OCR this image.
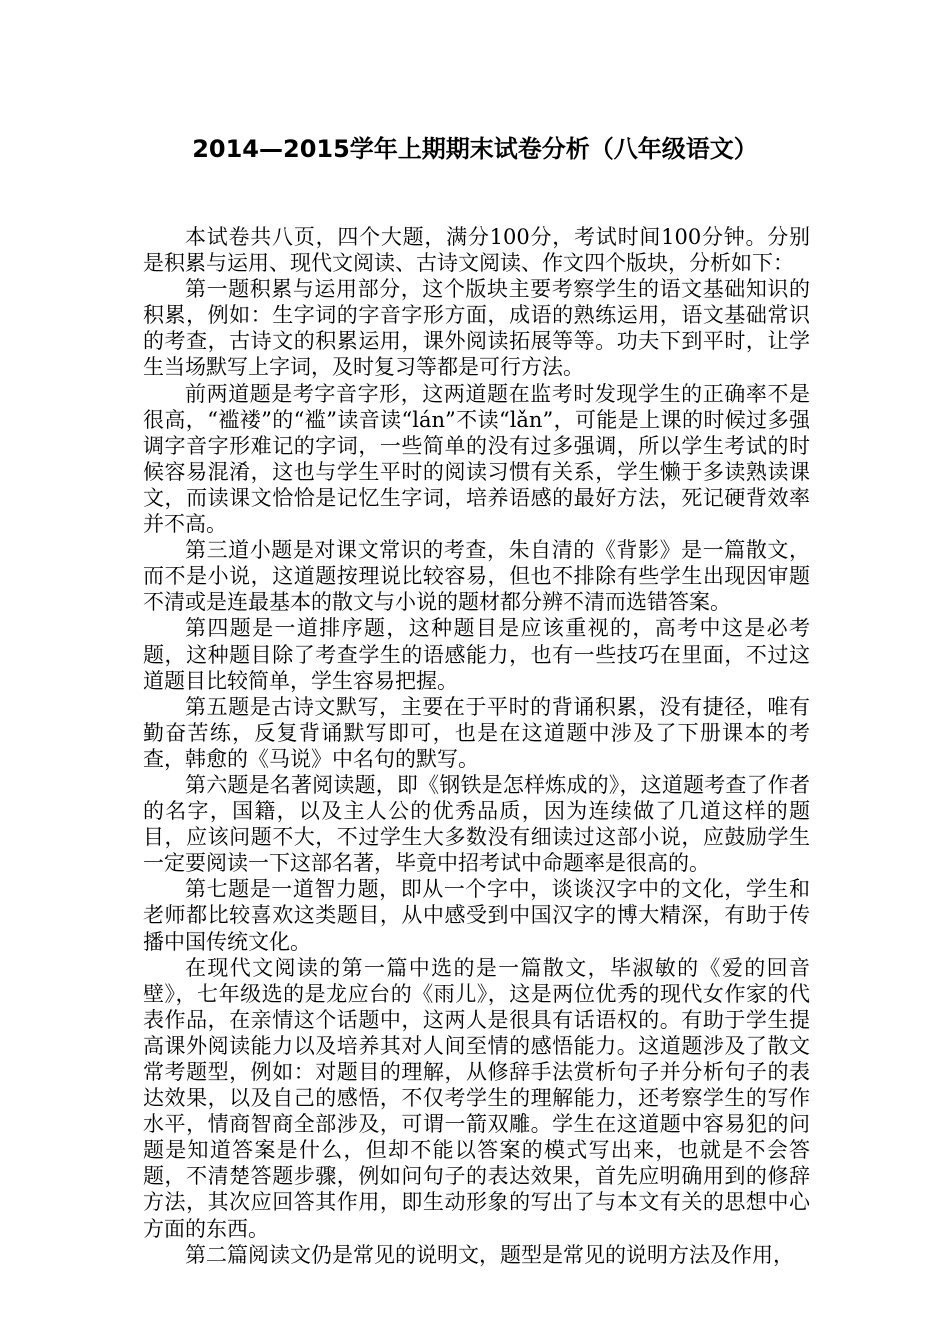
2014—2015学年上期期末试卷分析（八年级语文）

本试卷共八页，四个大题，满分100分，考试时间100分钟。分别是积累与运用、现代文阅读、古诗文阅读、作文四个版块，分析如下：

第一题积累与运用部分，这个版块主要考察学生的语文基础知识的积累，例如：生字词的字音字形方面，成语的熟练运用，语文基础常识的考查，古诗文的积累运用，课外阅读拓展等等。功夫下到平时，让学生当场默写上字词，及时复习等都是可行方法。

前两道题是考字音字形，这两道题在监考时发现学生的正确率不是很高，“褴褛”的“褴”读音读“lán”不读“lǎn”，可能是上课的时候过多强调字音字形难记的字词，一些简单的没有过多强调，所以学生考试的时候容易混淆，这也与学生平时的阅读习惯有关系，学生懒于多读熟读课文，而读课文恰恰是记忆生字词，培养语感的最好方法，死记硬背效率并不高。

第三道小题是对课文常识的考查，朱自清的《背影》是一篇散文，而不是小说，这道题按理说比较容易，但也不排除有些学生出现因审题不清或是连最基本的散文与小说的题材都分辨不清而选错答案。

第四题是一道排序题，这种题目是应该重视的，高考中这是必考题，这种题目除了考查学生的语感能力，也有一些技巧在里面，不过这道题目比较简单，学生容易把握。

第五题是古诗文默写，主要在于平时的背诵积累，没有捷径，唯有勤奋苦练，反复背诵默写即可，也是在这道题中涉及了下册课本的考查，韩愈的《马说》中名句的默写。

第六题是名著阅读题，即《钢铁是怎样炼成的》，这道题考查了作者的名字，国籍，以及主人公的优秀品质，因为连续做了几道这样的题目，应该问题不大，不过学生大多数没有细读过这部小说，应鼓励学生一定要阅读一下这部名著，毕竟中招考试中命题率是很高的。

第七题是一道智力题，即从一个字中，谈谈汉字中的文化，学生和老师都比较喜欢这类题目，从中感受到中国汉字的博大精深，有助于传播中国传统文化。

在现代文阅读的第一篇中选的是一篇散文，毕淑敏的《爱的回音壁》，七年级选的是龙应台的《雨儿》，这是两位优秀的现代女作家的代表作品，在亲情这个话题中，这两人是很具有话语权的。有助于学生提高课外阅读能力以及培养其对人间至情的感悟能力。这道题涉及了散文常考题型，例如：对题目的理解，从修辞手法赏析句子并分析句子的表达效果，以及自己的感悟，不仅考学生的理解能力，还考察学生的写作水平，情商智商全部涉及，可谓一箭双雕。学生在这道题中容易犯的问题是知道答案是什么，但却不能以答案的模式写出来，也就是不会答题，不清楚答题步骤，例如问句子的表达效果，首先应明确用到的修辞方法，其次应回答其作用，即生动形象的写出了与本文有关的思想中心方面的东西。

第二篇阅读文仍是常见的说明文，题型是常见的说明方法及作用，
